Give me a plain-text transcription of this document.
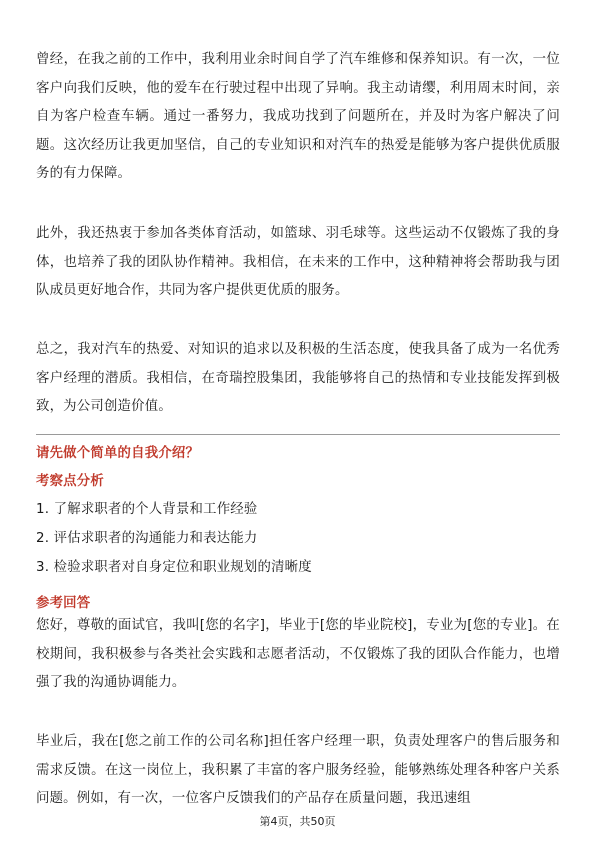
曾经，在我之前的工作中，我利用业余时间自学了汽车维修和保养知识。有一次，一位客户向我们反映，他的爱车在行驶过程中出现了异响。我主动请缨，利用周末时间，亲自为客户检查车辆。通过一番努力，我成功找到了问题所在，并及时为客户解决了问题。这次经历让我更加坚信，自己的专业知识和对汽车的热爱是能够为客户提供优质服务的有力保障。

此外，我还热衷于参加各类体育活动，如篮球、羽毛球等。这些运动不仅锻炼了我的身体，也培养了我的团队协作精神。我相信，在未来的工作中，这种精神将会帮助我与团队成员更好地合作，共同为客户提供更优质的服务。

总之，我对汽车的热爱、对知识的追求以及积极的生活态度，使我具备了成为一名优秀客户经理的潜质。我相信，在奇瑞控股集团，我能够将自己的热情和专业技能发挥到极致，为公司创造价值。

请先做个简单的自我介绍？

考察点分析

1. 了解求职者的个人背景和工作经验

2. 评估求职者的沟通能力和表达能力

3. 检验求职者对自身定位和职业规划的清晰度

参考回答

您好，尊敬的面试官，我叫[您的名字]，毕业于[您的毕业院校]，专业为[您的专业]。在校期间，我积极参与各类社会实践和志愿者活动，不仅锻炼了我的团队合作能力，也增强了我的沟通协调能力。

毕业后，我在[您之前工作的公司名称]担任客户经理一职，负责处理客户的售后服务和需求反馈。在这一岗位上，我积累了丰富的客户服务经验，能够熟练处理各种客户关系问题。例如，有一次，一位客户反馈我们的产品存在质量问题，我迅速组

第4页，共50页
